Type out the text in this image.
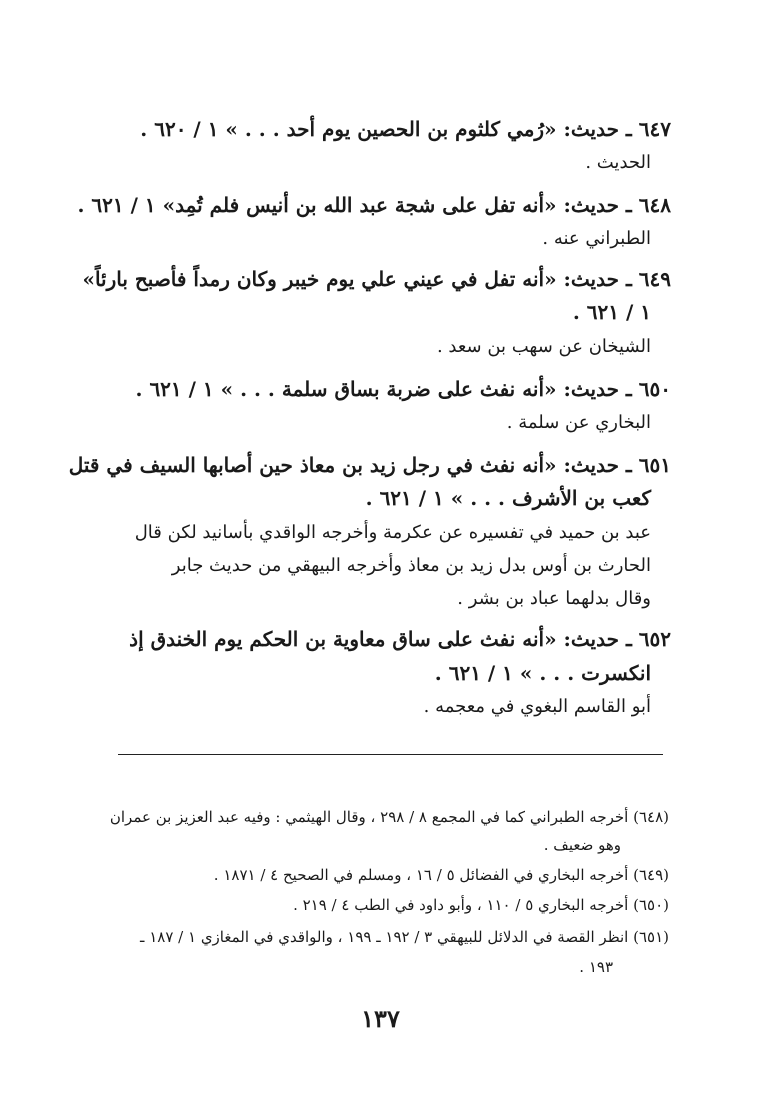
٦٤٧ ـ حديث: «رُمي كلثوم بن الحصين يوم أحد . . . » ١ / ٦٢٠ .
الحديث .
٦٤٨ ـ حديث: «أنه تفل على شجة عبد الله بن أنيس فلم تُمِد» ١ / ٦٢١ .
الطبراني عنه .
٦٤٩ ـ حديث: «أنه تفل في عيني علي يوم خيبر وكان رمداً فأصبح بارئاً»
١ / ٦٢١ .
الشيخان عن سهب بن سعد .
٦٥٠ ـ حديث: «أنه نفث على ضربة بساق سلمة . . . » ١ / ٦٢١ .
البخاري عن سلمة .
٦٥١ ـ حديث: «أنه نفث في رجل زيد بن معاذ حين أصابها السيف في قتل
كعب بن الأشرف . . . » ١ / ٦٢١ .
عبد بن حميد في تفسيره عن عكرمة وأخرجه الواقدي بأسانيد لكن قال
الحارث بن أوس بدل زيد بن معاذ وأخرجه البيهقي من حديث جابر
وقال بدلهما عباد بن بشر .
٦٥٢ ـ حديث: «أنه نفث على ساق معاوية بن الحكم يوم الخندق إذ
انكسرت . . . » ١ / ٦٢١ .
أبو القاسم البغوي في معجمه .
(٦٤٨) أخرجه الطبراني كما في المجمع ٨ / ٢٩٨ ، وقال الهيثمي : وفيه عبد العزيز بن عمران
وهو ضعيف .
(٦٤٩) أخرجه البخاري في الفضائل ٥ / ١٦ ، ومسلم في الصحيح ٤ / ١٨٧١ .
(٦٥٠) أخرجه البخاري ٥ / ١١٠ ، وأبو داود في الطب ٤ / ٢١٩ .
(٦٥١) انظر القصة في الدلائل للبيهقي ٣ / ١٩٢ ـ ١٩٩ ، والواقدي في المغازي ١ / ١٨٧ ـ
١٩٣ .
١٣٧
